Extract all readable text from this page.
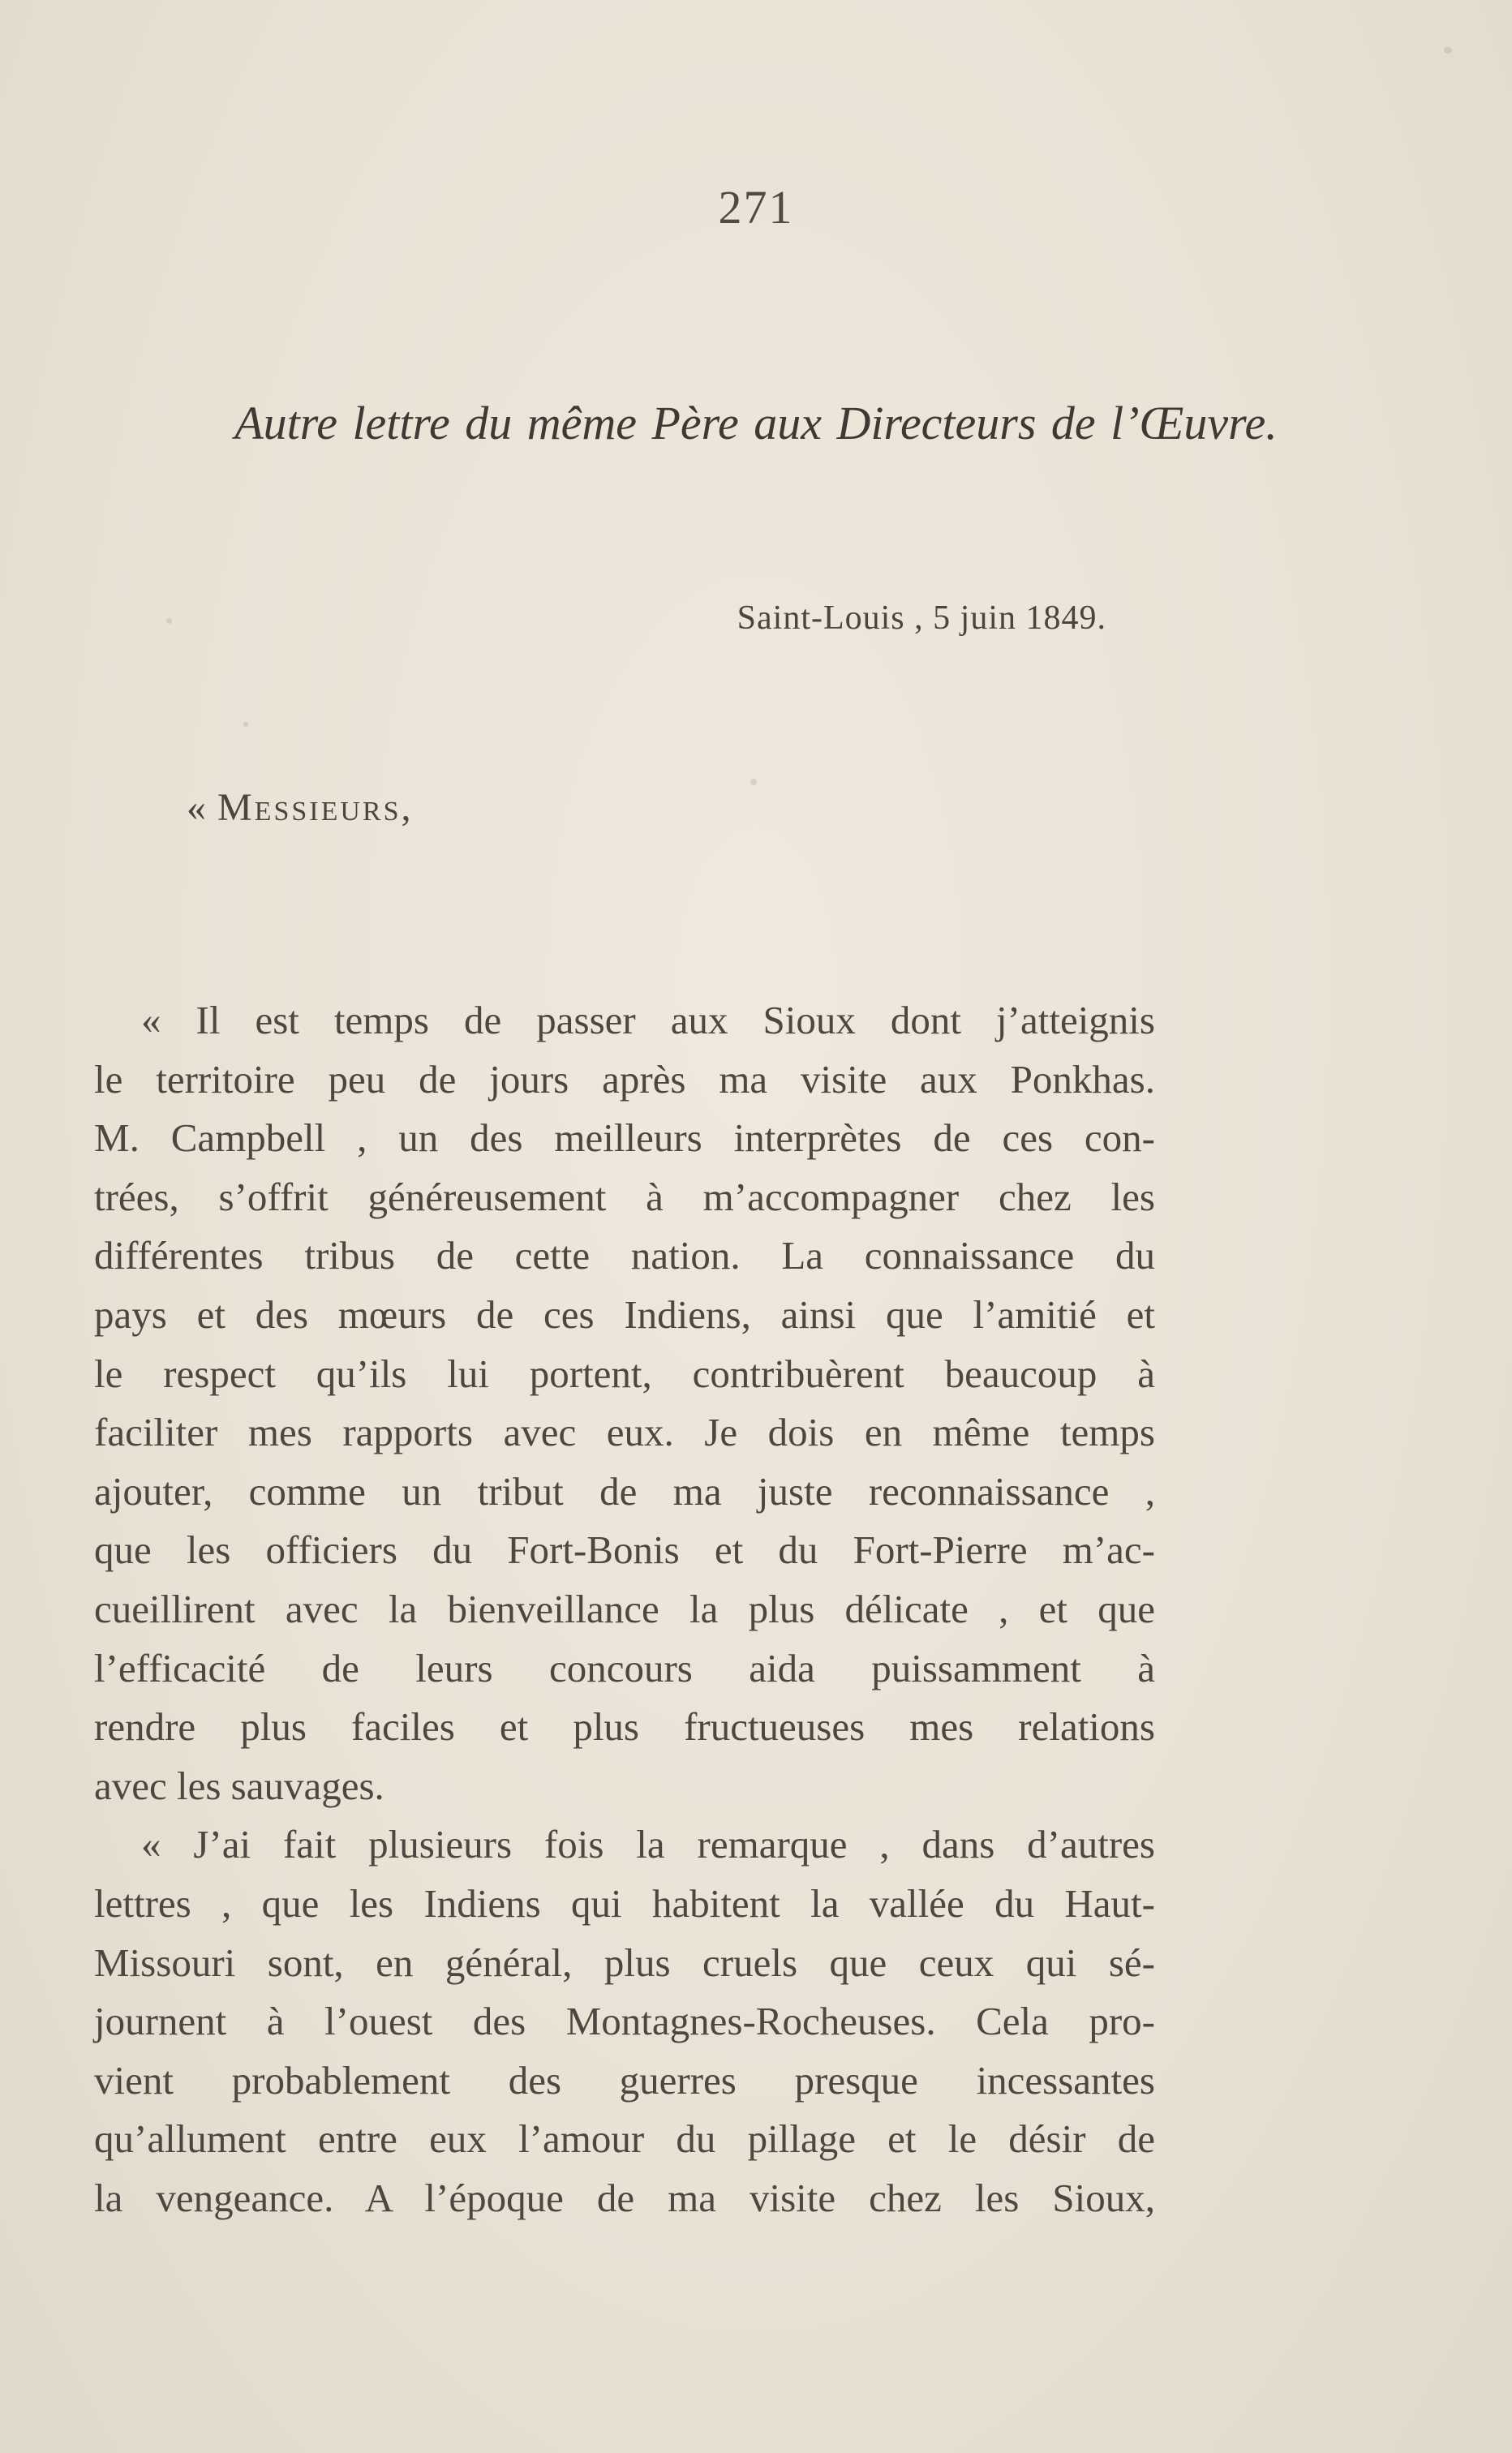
271
Autre lettre du même Père aux Directeurs de l’Œuvre.
Saint-Louis , 5 juin 1849.
« Messieurs,
« Il est temps de passer aux Sioux dont j’atteignis
le territoire peu de jours après ma visite aux Ponkhas.
M. Campbell , un des meilleurs interprètes de ces con-
trées, s’offrit généreusement à m’accompagner chez les
différentes tribus de cette nation. La connaissance du
pays et des mœurs de ces Indiens, ainsi que l’amitié et
le respect qu’ils lui portent, contribuèrent beaucoup à
faciliter mes rapports avec eux. Je dois en même temps
ajouter, comme un tribut de ma juste reconnaissance ,
que les officiers du Fort-Bonis et du Fort-Pierre m’ac-
cueillirent avec la bienveillance la plus délicate , et que
l’efficacité de leurs concours aida puissamment à
rendre plus faciles et plus fructueuses mes relations
avec les sauvages.
« J’ai fait plusieurs fois la remarque , dans d’autres
lettres , que les Indiens qui habitent la vallée du Haut-
Missouri sont, en général, plus cruels que ceux qui sé-
journent à l’ouest des Montagnes-Rocheuses. Cela pro-
vient probablement des guerres presque incessantes
qu’allument entre eux l’amour du pillage et le désir de
la vengeance. A l’époque de ma visite chez les Sioux,
